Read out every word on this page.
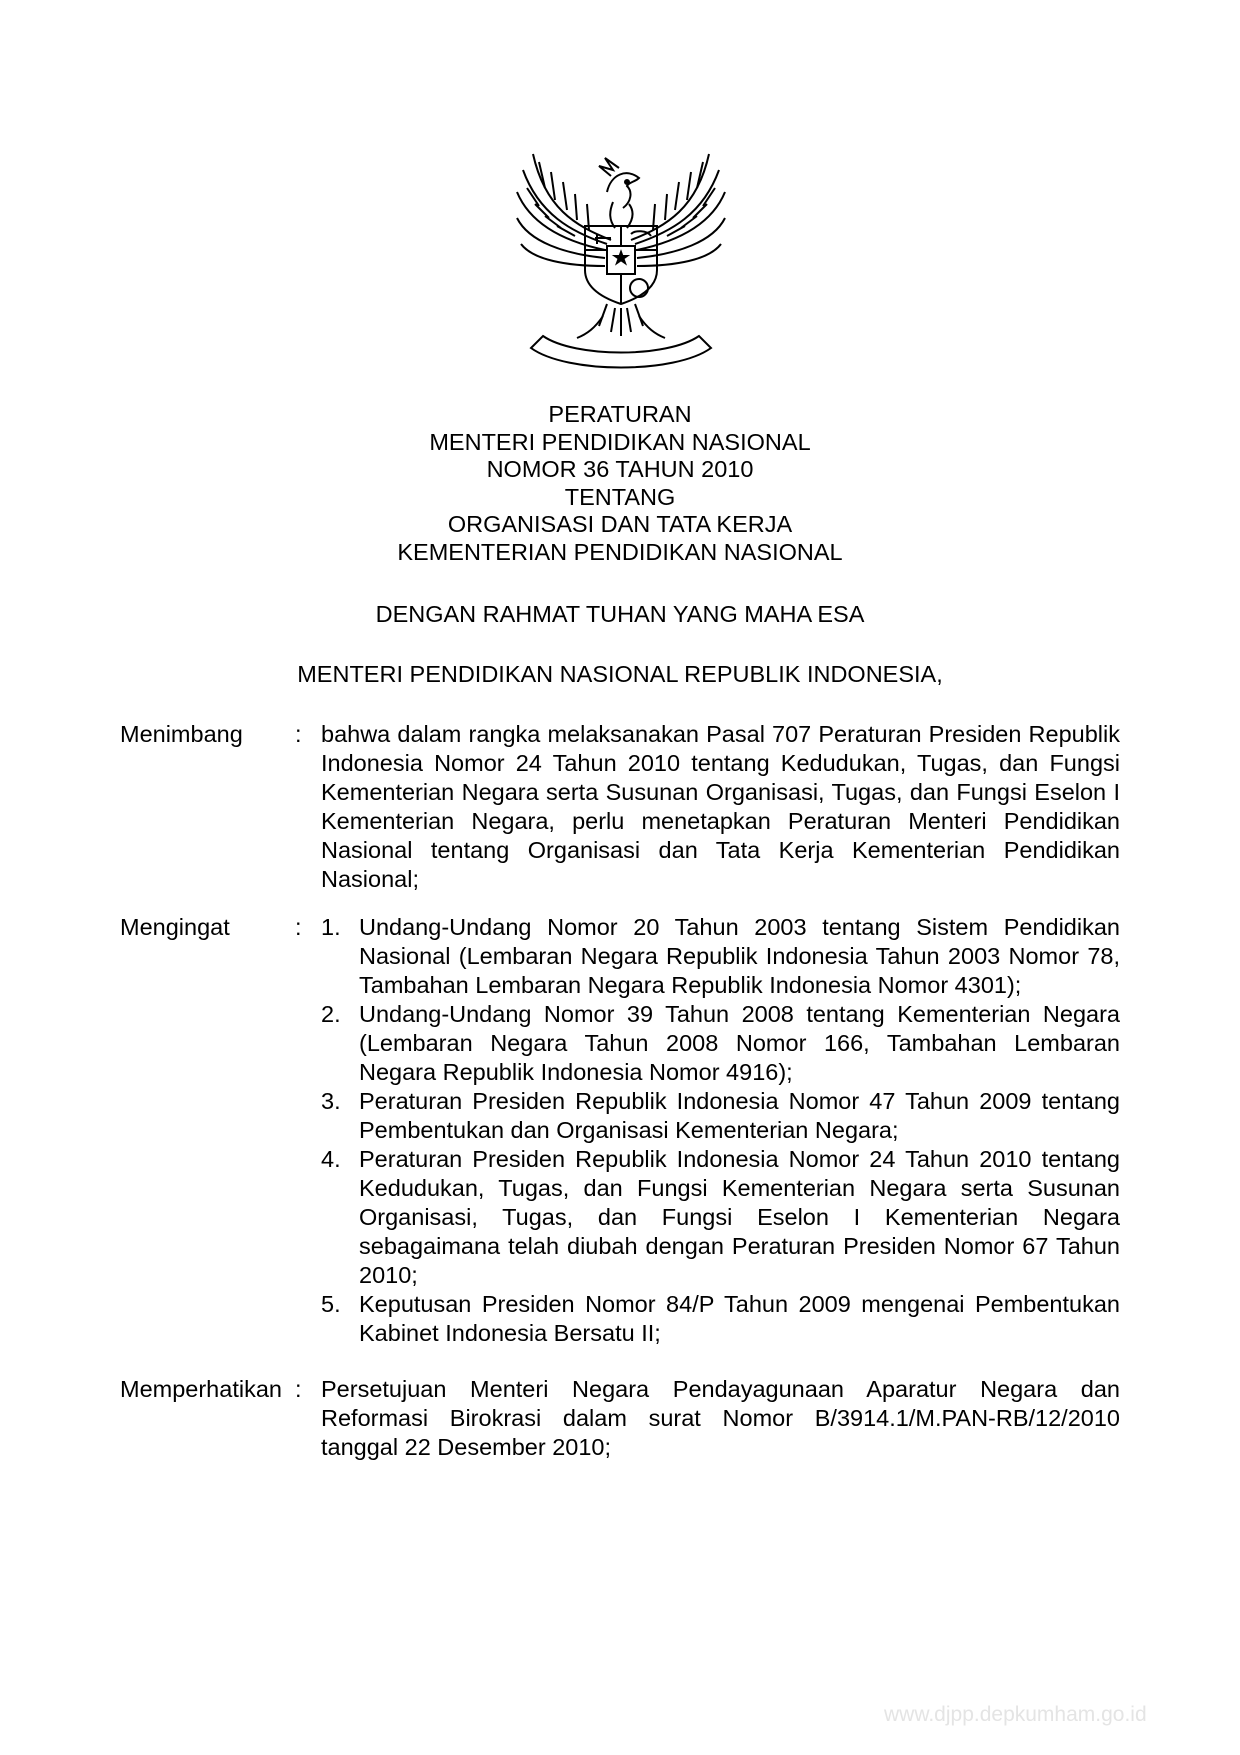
PERATURAN
MENTERI PENDIDIKAN NASIONAL
NOMOR 36 TAHUN 2010
TENTANG
ORGANISASI DAN TATA KERJA
KEMENTERIAN PENDIDIKAN NASIONAL
DENGAN RAHMAT TUHAN YANG MAHA ESA
MENTERI PENDIDIKAN NASIONAL REPUBLIK INDONESIA,
Menimbang : bahwa dalam rangka melaksanakan Pasal 707 Peraturan Presiden Republik Indonesia Nomor 24 Tahun 2010 tentang Kedudukan, Tugas, dan Fungsi Kementerian Negara serta Susunan Organisasi, Tugas, dan Fungsi Eselon I Kementerian Negara, perlu menetapkan Peraturan Menteri Pendidikan Nasional tentang Organisasi dan Tata Kerja Kementerian Pendidikan Nasional;
Mengingat	: 1. Undang-Undang Nomor 20 Tahun 2003 tentang Sistem Pendidikan Nasional (Lembaran Negara Republik Indonesia Tahun 2003 Nomor 78, Tambahan Lembaran Negara Republik Indonesia Nomor 4301);
2. Undang-Undang Nomor 39 Tahun 2008 tentang Kementerian Negara (Lembaran Negara Tahun 2008 Nomor 166, Tambahan Lembaran Negara Republik Indonesia Nomor 4916);
3. Peraturan Presiden Republik Indonesia Nomor 47 Tahun 2009 tentang Pembentukan dan Organisasi Kementerian Negara;
4. Peraturan Presiden Republik Indonesia Nomor 24 Tahun 2010 tentang Kedudukan, Tugas, dan Fungsi Kementerian Negara serta Susunan Organisasi, Tugas, dan Fungsi Eselon I Kementerian Negara sebagaimana telah diubah dengan Peraturan Presiden Nomor 67 Tahun 2010;
5. Keputusan Presiden Nomor 84/P Tahun 2009 mengenai Pembentukan Kabinet Indonesia Bersatu II;
Memperhatikan : Persetujuan Menteri Negara Pendayagunaan Aparatur Negara dan Reformasi Birokrasi dalam surat Nomor B/3914.1/M.PAN-RB/12/2010 tanggal 22 Desember 2010;
www.djpp.depkumham.go.id
